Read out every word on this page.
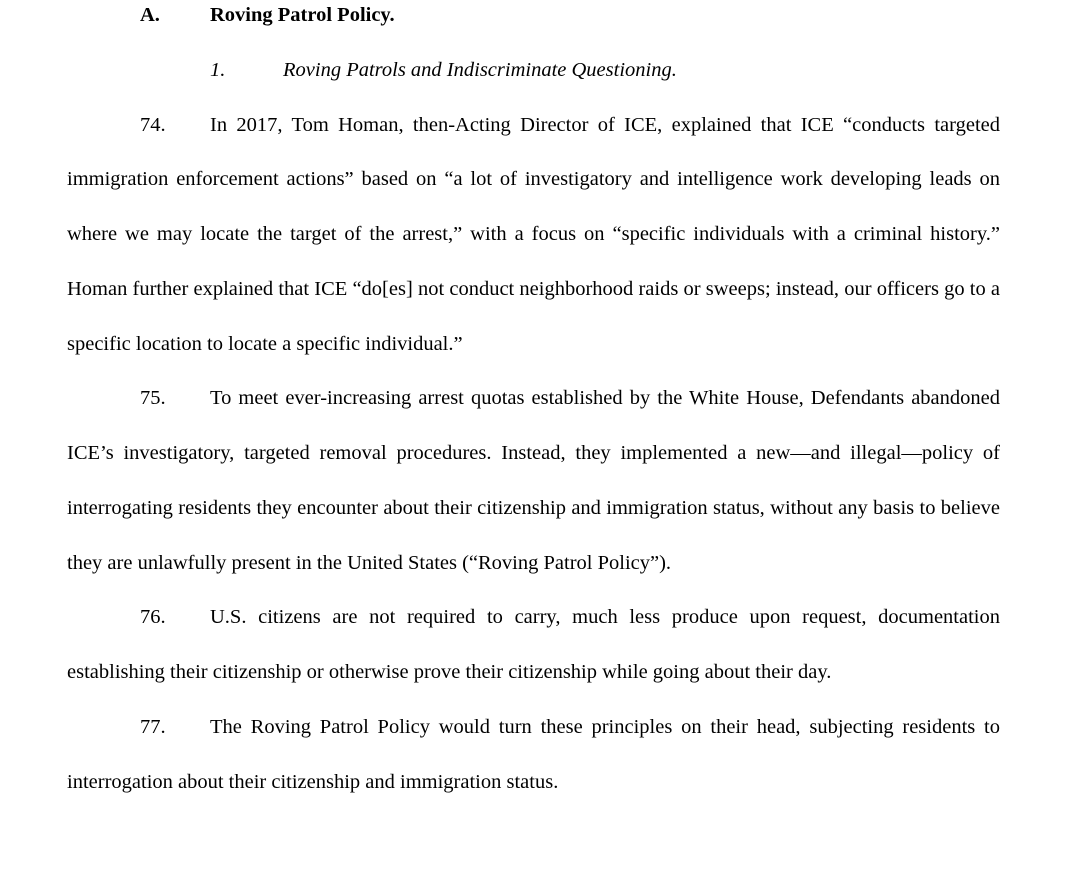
A. Roving Patrol Policy.
1.	Roving Patrols and Indiscriminate Questioning.

74. In 2017, Tom Homan, then-Acting Director of ICE, explained that ICE “conducts targeted immigration enforcement actions” based on “a lot of investigatory and intelligence work developing leads on where we may locate the target of the arrest,” with a focus on “specific individuals with a criminal history.” Homan further explained that ICE “do[es] not conduct neighborhood raids or sweeps; instead, our officers go to a specific location to locate a specific individual.”

75. To meet ever-increasing arrest quotas established by the White House, Defendants abandoned ICE’s investigatory, targeted removal procedures. Instead, they implemented a new—and illegal—policy of interrogating residents they encounter about their citizenship and immigration status, without any basis to believe they are unlawfully present in the United States (“Roving Patrol Policy”).

76. U.S. citizens are not required to carry, much less produce upon request, documentation establishing their citizenship or otherwise prove their citizenship while going about their day.

77. The Roving Patrol Policy would turn these principles on their head, subjecting residents to interrogation about their citizenship and immigration status.
